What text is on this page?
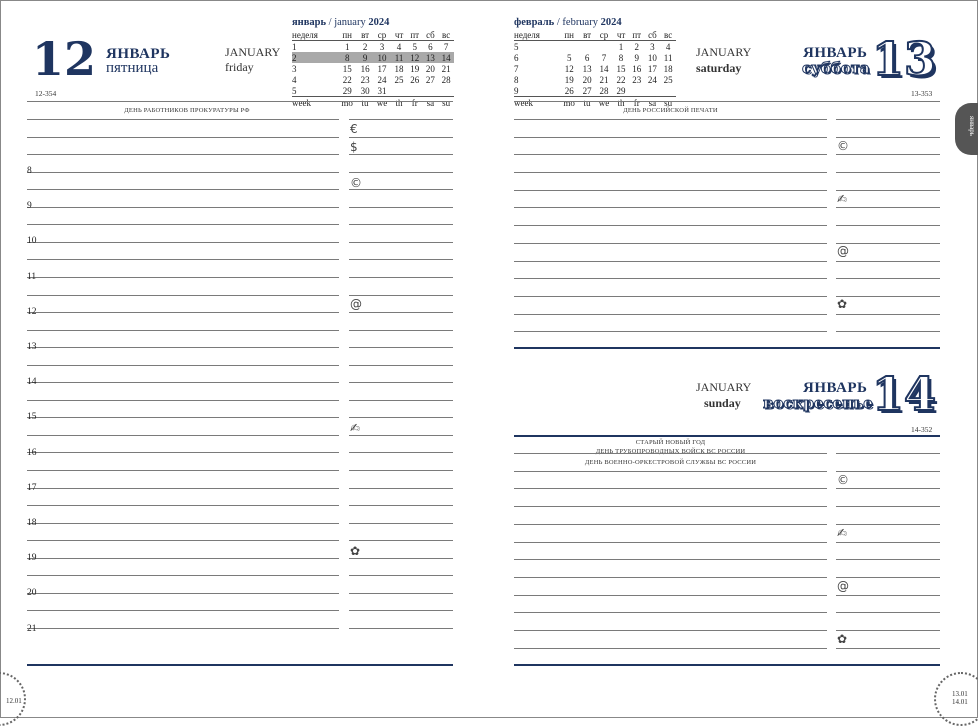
12 ЯНВАРЬ
пятница
JANUARY
friday
12-354
январь / january 2024
неделя	пн	вт	ср	чт	пт	сб	вс
1	1	2	3	4	5	6	7
2	8	9	10	11	12	13	14
3	15	16	17	18	19	20	21
4	22	23	24	25	26	27	28
5	29	30	31				
week	mo	tu	we	th	fr	sa	su
ДЕНЬ РАБОТНИКОВ ПРОКУРАТУРЫ РФ
8
9
10
11
12
13
14
15
16
17
18
19
20
21
€
$
©
@
✍
✿
12.01
февраль / february 2024
неделя	пн	вт	ср	чт	пт	сб	вс
5				1	2	3	4
6	5	6	7	8	9	10	11
7	12	13	14	15	16	17	18
8	19	20	21	22	23	24	25
9	26	27	28	29			
week	mo	tu	we	th	fr	sa	su
JANUARY
saturday
ЯНВАРЬ
суббота 13
13-353
ДЕНЬ РОССИЙСКОЙ ПЕЧАТИ
©
✍
@
✿
JANUARY
sunday
ЯНВАРЬ
воскресенье 14
14-352
СТАРЫЙ НОВЫЙ ГОД
ДЕНЬ ТРУБОПРОВОДНЫХ ВОЙСК ВС РОССИИ
ДЕНЬ ВОЕННО-ОРКЕСТРОВОЙ СЛУЖБЫ ВС РОССИИ
©
✍
@
✿
январь
13.01
14.01
